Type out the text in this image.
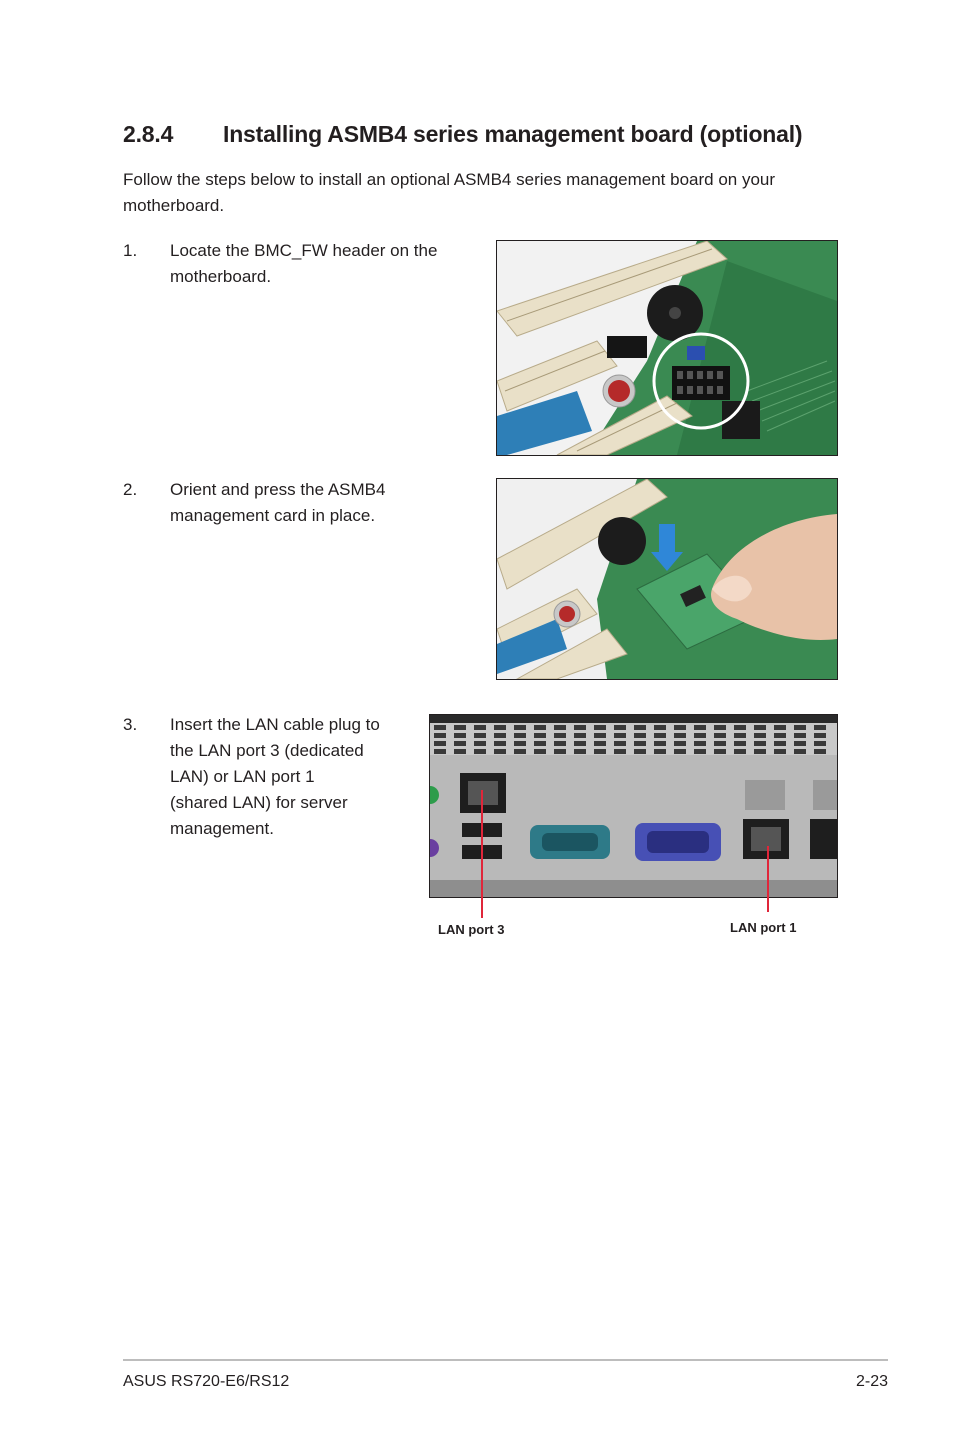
2.8.4 Installing ASMB4 series management board (optional)
Follow the steps below to install an optional ASMB4 series management board on your motherboard.
1. Locate the BMC_FW header on the
motherboard.
2. Orient and press the ASMB4
management card in place.
3. Insert the LAN cable plug to
the LAN port 3 (dedicated
LAN) or LAN port 1
(shared LAN) for server
management.
LAN port 3	LAN port 1
ASUS RS720-E6/RS12	2-23
